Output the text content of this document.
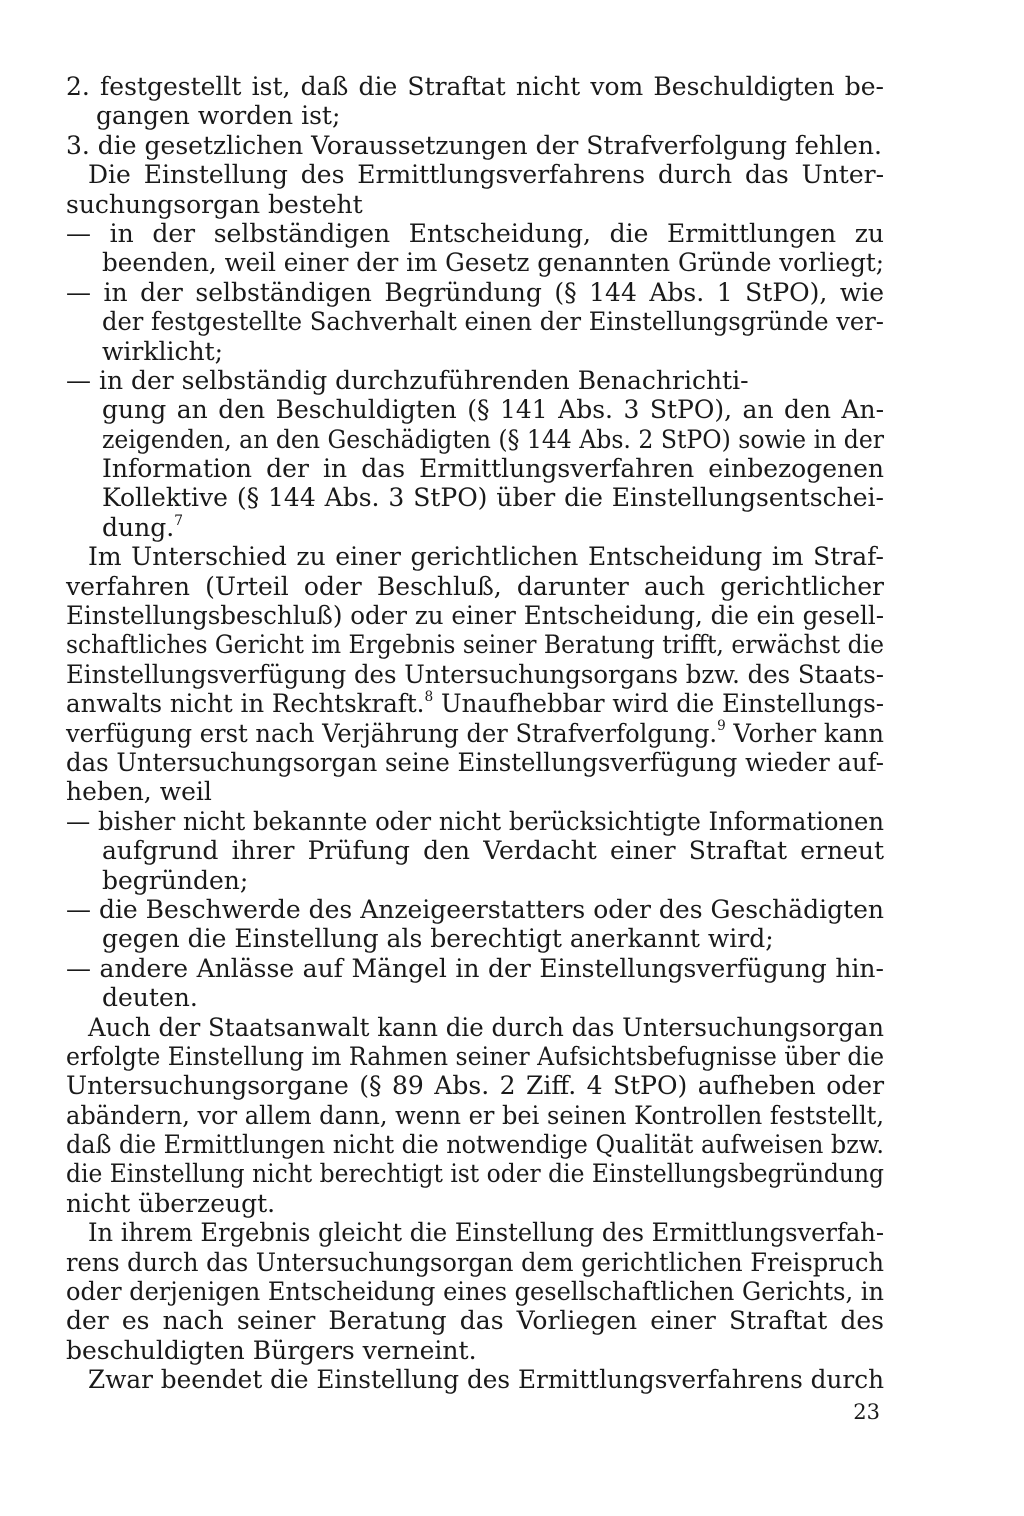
2. festgestellt ist, daß die Straftat nicht vom Beschuldigten be-
gangen worden ist;
3. die gesetzlichen Voraussetzungen der Strafverfolgung fehlen.
Die Einstellung des Ermittlungsverfahrens durch das Unter-
suchungsorgan besteht
— in der selbständigen Entscheidung, die Ermittlungen zu
beenden, weil einer der im Gesetz genannten Gründe vorliegt;
— in der selbständigen Begründung (§ 144 Abs. 1 StPO), wie
der festgestellte Sachverhalt einen der Einstellungsgründe ver-
wirklicht;
— in der selbständig durchzuführenden Benachrichti-
gung an den Beschuldigten (§ 141 Abs. 3 StPO), an den An-
zeigenden, an den Geschädigten (§ 144 Abs. 2 StPO) sowie in der
Information der in das Ermittlungsverfahren einbezogenen
Kollektive (§ 144 Abs. 3 StPO) über die Einstellungsentschei-
dung.$^7$
Im Unterschied zu einer gerichtlichen Entscheidung im Straf-
verfahren (Urteil oder Beschluß, darunter auch gerichtlicher
Einstellungsbeschluß) oder zu einer Entscheidung, die ein gesell-
schaftliches Gericht im Ergebnis seiner Beratung trifft, erwächst die
Einstellungsverfügung des Untersuchungsorgans bzw. des Staats-
anwalts nicht in Rechtskraft.$^8$ Unaufhebbar wird die Einstellungs-
verfügung erst nach Verjährung der Strafverfolgung.$^9$ Vorher kann
das Untersuchungsorgan seine Einstellungsverfügung wieder auf-
heben, weil
— bisher nicht bekannte oder nicht berücksichtigte Informationen
aufgrund ihrer Prüfung den Verdacht einer Straftat erneut
begründen;
— die Beschwerde des Anzeigeerstatters oder des Geschädigten
gegen die Einstellung als berechtigt anerkannt wird;
— andere Anlässe auf Mängel in der Einstellungsverfügung hin-
deuten.
Auch der Staatsanwalt kann die durch das Untersuchungsorgan
erfolgte Einstellung im Rahmen seiner Aufsichtsbefugnisse über die
Untersuchungsorgane (§ 89 Abs. 2 Ziff. 4 StPO) aufheben oder
abändern, vor allem dann, wenn er bei seinen Kontrollen feststellt,
daß die Ermittlungen nicht die notwendige Qualität aufweisen bzw.
die Einstellung nicht berechtigt ist oder die Einstellungsbegründung
nicht überzeugt.
In ihrem Ergebnis gleicht die Einstellung des Ermittlungsverfah-
rens durch das Untersuchungsorgan dem gerichtlichen Freispruch
oder derjenigen Entscheidung eines gesellschaftlichen Gerichts, in
der es nach seiner Beratung das Vorliegen einer Straftat des
beschuldigten Bürgers verneint.
Zwar beendet die Einstellung des Ermittlungsverfahrens durch
23
